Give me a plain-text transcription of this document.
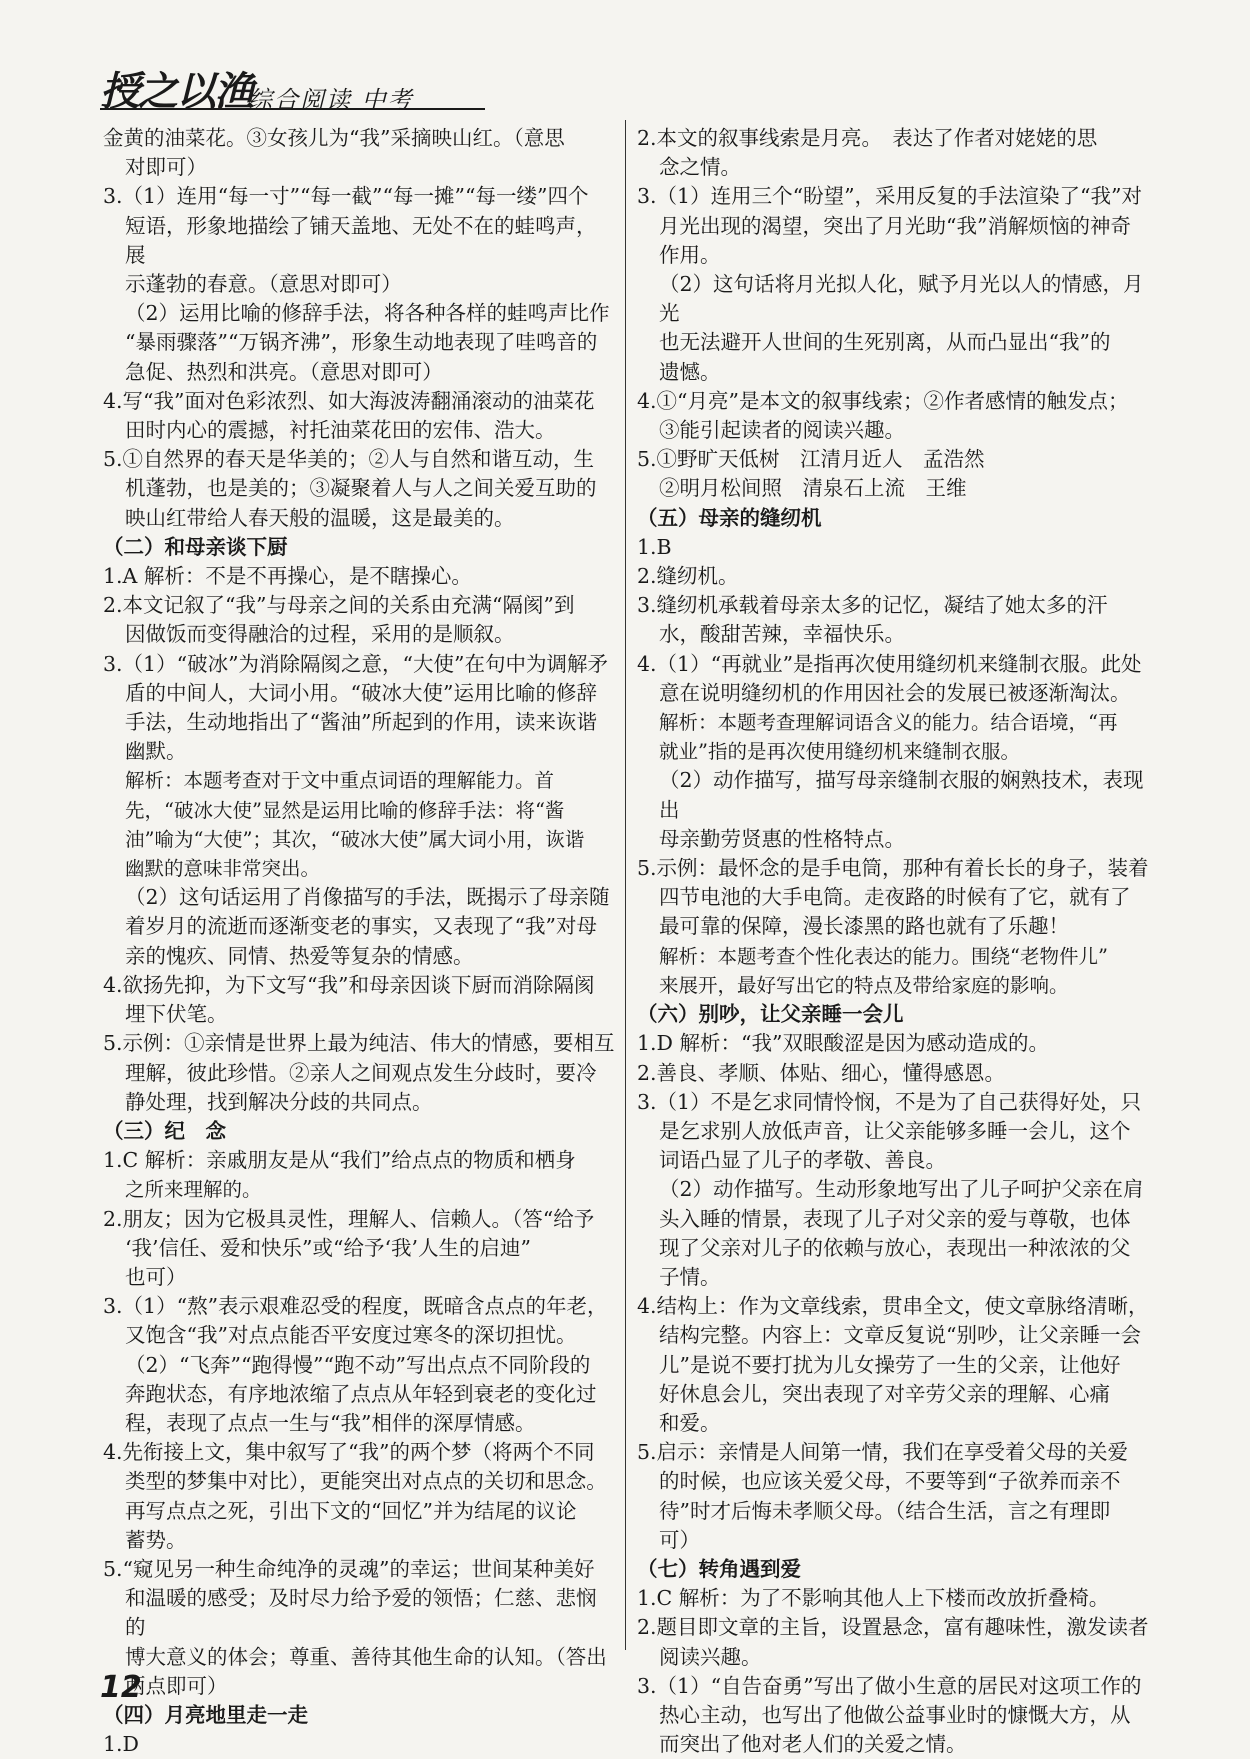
授之以渔
综合阅读 中考
金黄的油菜花。③女孩儿为“我”采摘映山红。（意思
对即可）
3.（1）连用“每一寸”“每一截”“每一摊”“每一缕”四个
短语，形象地描绘了铺天盖地、无处不在的蛙鸣声，展
示蓬勃的春意。（意思对即可）
（2）运用比喻的修辞手法，将各种各样的蛙鸣声比作
“暴雨骤落”“万锅齐沸”，形象生动地表现了哇鸣音的
急促、热烈和洪亮。（意思对即可）
4.写“我”面对色彩浓烈、如大海波涛翻涌滚动的油菜花
田时内心的震撼，衬托油菜花田的宏伟、浩大。
5.①自然界的春天是华美的；②人与自然和谐互动，生
机蓬勃，也是美的；③凝聚着人与人之间关爱互助的
映山红带给人春天般的温暖，这是最美的。
（二）和母亲谈下厨
1.A 解析：不是不再操心，是不瞎操心。
2.本文记叙了“我”与母亲之间的关系由充满“隔阂”到
因做饭而变得融洽的过程，采用的是顺叙。
3.（1）“破冰”为消除隔阂之意，“大使”在句中为调解矛
盾的中间人，大词小用。“破冰大使”运用比喻的修辞
手法，生动地指出了“酱油”所起到的作用，读来诙谐
幽默。
解析：本题考查对于文中重点词语的理解能力。首
先，“破冰大使”显然是运用比喻的修辞手法：将“酱
油”喻为“大使”；其次，“破冰大使”属大词小用，诙谐
幽默的意味非常突出。
（2）这句话运用了肖像描写的手法，既揭示了母亲随
着岁月的流逝而逐渐变老的事实，又表现了“我”对母
亲的愧疚、同情、热爱等复杂的情感。
4.欲扬先抑，为下文写“我”和母亲因谈下厨而消除隔阂
埋下伏笔。
5.示例：①亲情是世界上最为纯洁、伟大的情感，要相互
理解，彼此珍惜。②亲人之间观点发生分歧时，要冷
静处理，找到解决分歧的共同点。
（三）纪　念
1.C 解析：亲戚朋友是从“我们”给点点的物质和栖身
之所来理解的。
2.朋友；因为它极具灵性，理解人、信赖人。（答“给予
‘我’信任、爱和快乐”或“给予‘我’人生的启迪”
也可）
3.（1）“熬”表示艰难忍受的程度，既暗含点点的年老，
又饱含“我”对点点能否平安度过寒冬的深切担忧。
（2）“飞奔”“跑得慢”“跑不动”写出点点不同阶段的
奔跑状态，有序地浓缩了点点从年轻到衰老的变化过
程，表现了点点一生与“我”相伴的深厚情感。
4.先衔接上文，集中叙写了“我”的两个梦（将两个不同
类型的梦集中对比），更能突出对点点的关切和思念。
再写点点之死，引出下文的“回忆”并为结尾的议论
蓄势。
5.“窥见另一种生命纯净的灵魂”的幸运；世间某种美好
和温暖的感受；及时尽力给予爱的领悟；仁慈、悲悯的
博大意义的体会；尊重、善待其他生命的认知。（答出
两点即可）
（四）月亮地里走一走
1.D
2.本文的叙事线索是月亮。　表达了作者对姥姥的思
念之情。
3.（1）连用三个“盼望”，采用反复的手法渲染了“我”对
月光出现的渴望，突出了月光助“我”消解烦恼的神奇
作用。
（2）这句话将月光拟人化，赋予月光以人的情感，月光
也无法避开人世间的生死别离，从而凸显出“我”的
遗憾。
4.①“月亮”是本文的叙事线索；②作者感情的触发点；
③能引起读者的阅读兴趣。
5.①野旷天低树　江清月近人　孟浩然
②明月松间照　清泉石上流　王维
（五）母亲的缝纫机
1.B
2.缝纫机。
3.缝纫机承载着母亲太多的记忆，凝结了她太多的汗
水，酸甜苦辣，幸福快乐。
4.（1）“再就业”是指再次使用缝纫机来缝制衣服。此处
意在说明缝纫机的作用因社会的发展已被逐渐淘汰。
解析：本题考查理解词语含义的能力。结合语境，“再
就业”指的是再次使用缝纫机来缝制衣服。
（2）动作描写，描写母亲缝制衣服的娴熟技术，表现出
母亲勤劳贤惠的性格特点。
5.示例：最怀念的是手电筒，那种有着长长的身子，装着
四节电池的大手电筒。走夜路的时候有了它，就有了
最可靠的保障，漫长漆黑的路也就有了乐趣！
解析：本题考查个性化表达的能力。围绕“老物件儿”
来展开，最好写出它的特点及带给家庭的影响。
（六）别吵，让父亲睡一会儿
1.D 解析：“我”双眼酸涩是因为感动造成的。
2.善良、孝顺、体贴、细心，懂得感恩。
3.（1）不是乞求同情怜悯，不是为了自己获得好处，只
是乞求别人放低声音，让父亲能够多睡一会儿，这个
词语凸显了儿子的孝敬、善良。
（2）动作描写。生动形象地写出了儿子呵护父亲在肩
头入睡的情景，表现了儿子对父亲的爱与尊敬，也体
现了父亲对儿子的依赖与放心，表现出一种浓浓的父
子情。
4.结构上：作为文章线索，贯串全文，使文章脉络清晰，
结构完整。内容上：文章反复说“别吵，让父亲睡一会
儿”是说不要打扰为儿女操劳了一生的父亲，让他好
好休息会儿，突出表现了对辛劳父亲的理解、心痛
和爱。
5.启示：亲情是人间第一情，我们在享受着父母的关爱
的时候，也应该关爱父母，不要等到“子欲养而亲不
待”时才后悔未孝顺父母。（结合生活，言之有理即
可）
（七）转角遇到爱
1.C 解析：为了不影响其他人上下楼而改放折叠椅。
2.题目即文章的主旨，设置悬念，富有趣味性，激发读者
阅读兴趣。
3.（1）“自告奋勇”写出了做小生意的居民对这项工作的
热心主动，也写出了他做公益事业时的慷慨大方，从
而突出了他对老人们的关爱之情。
12
